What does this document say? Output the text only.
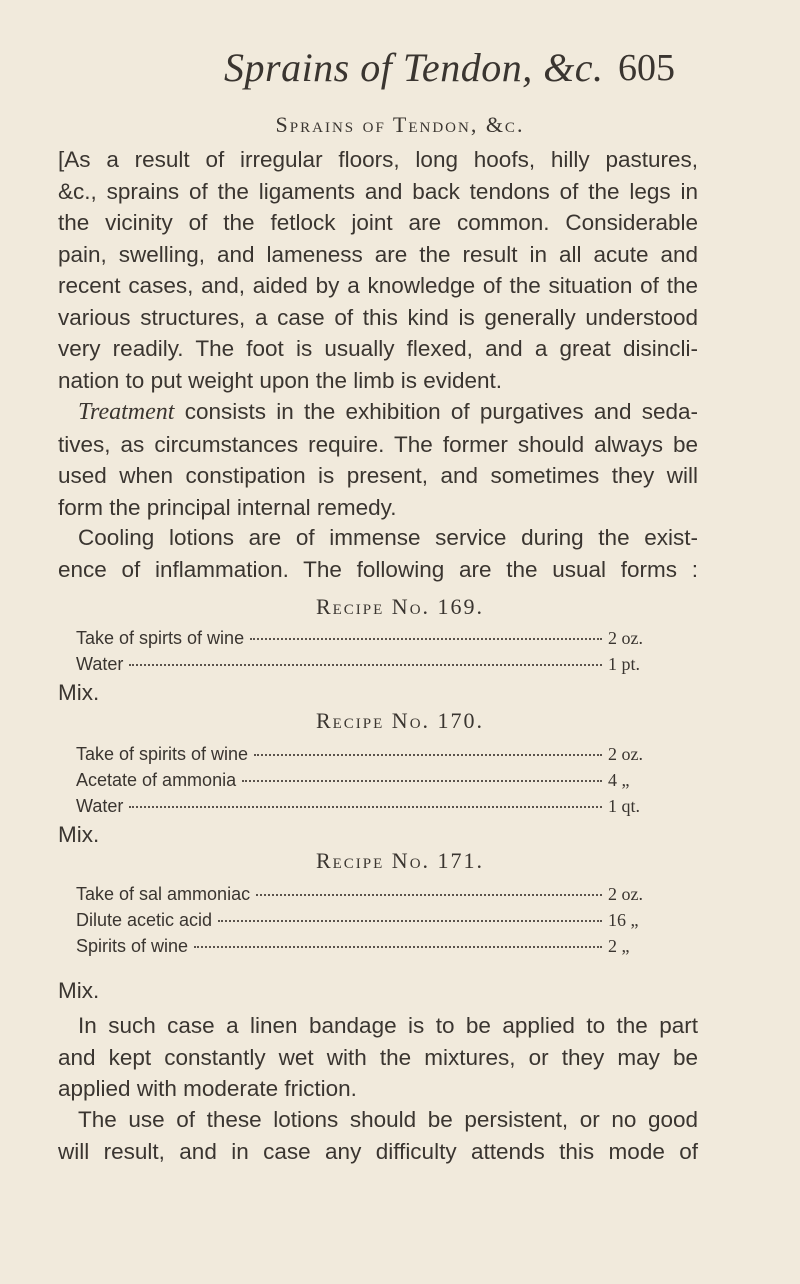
Sprains of Tendon, &c. 605
Sprains of Tendon, &c.
[As a result of irregular floors, long hoofs, hilly pastures,
&c., sprains of the ligaments and back tendons of the legs in
the vicinity of the fetlock joint are common. Considerable
pain, swelling, and lameness are the result in all acute and
recent cases, and, aided by a knowledge of the situation of the
various structures, a case of this kind is generally understood
very readily. The foot is usually flexed, and a great disincli-
nation to put weight upon the limb is evident.
Treatment consists in the exhibition of purgatives and seda-
tives, as circumstances require. The former should always be
used when constipation is present, and sometimes they will
form the principal internal remedy.
Cooling lotions are of immense service during the exist-
ence of inflammation. The following are the usual forms :
Recipe No. 169.
Take of spirts of wine	2 oz.
Water	1 pt.
Mix.
Recipe No. 170.
Take of spirits of wine	2 oz.
Acetate of ammonia	4 „
Water	1 qt.
Mix.
Recipe No. 171.
Take of sal ammoniac	2 oz.
Dilute acetic acid	16 „
Spirits of wine	2 „
Mix.
In such case a linen bandage is to be applied to the part
and kept constantly wet with the mixtures, or they may be
applied with moderate friction.
The use of these lotions should be persistent, or no good
will result, and in case any difficulty attends this mode of
